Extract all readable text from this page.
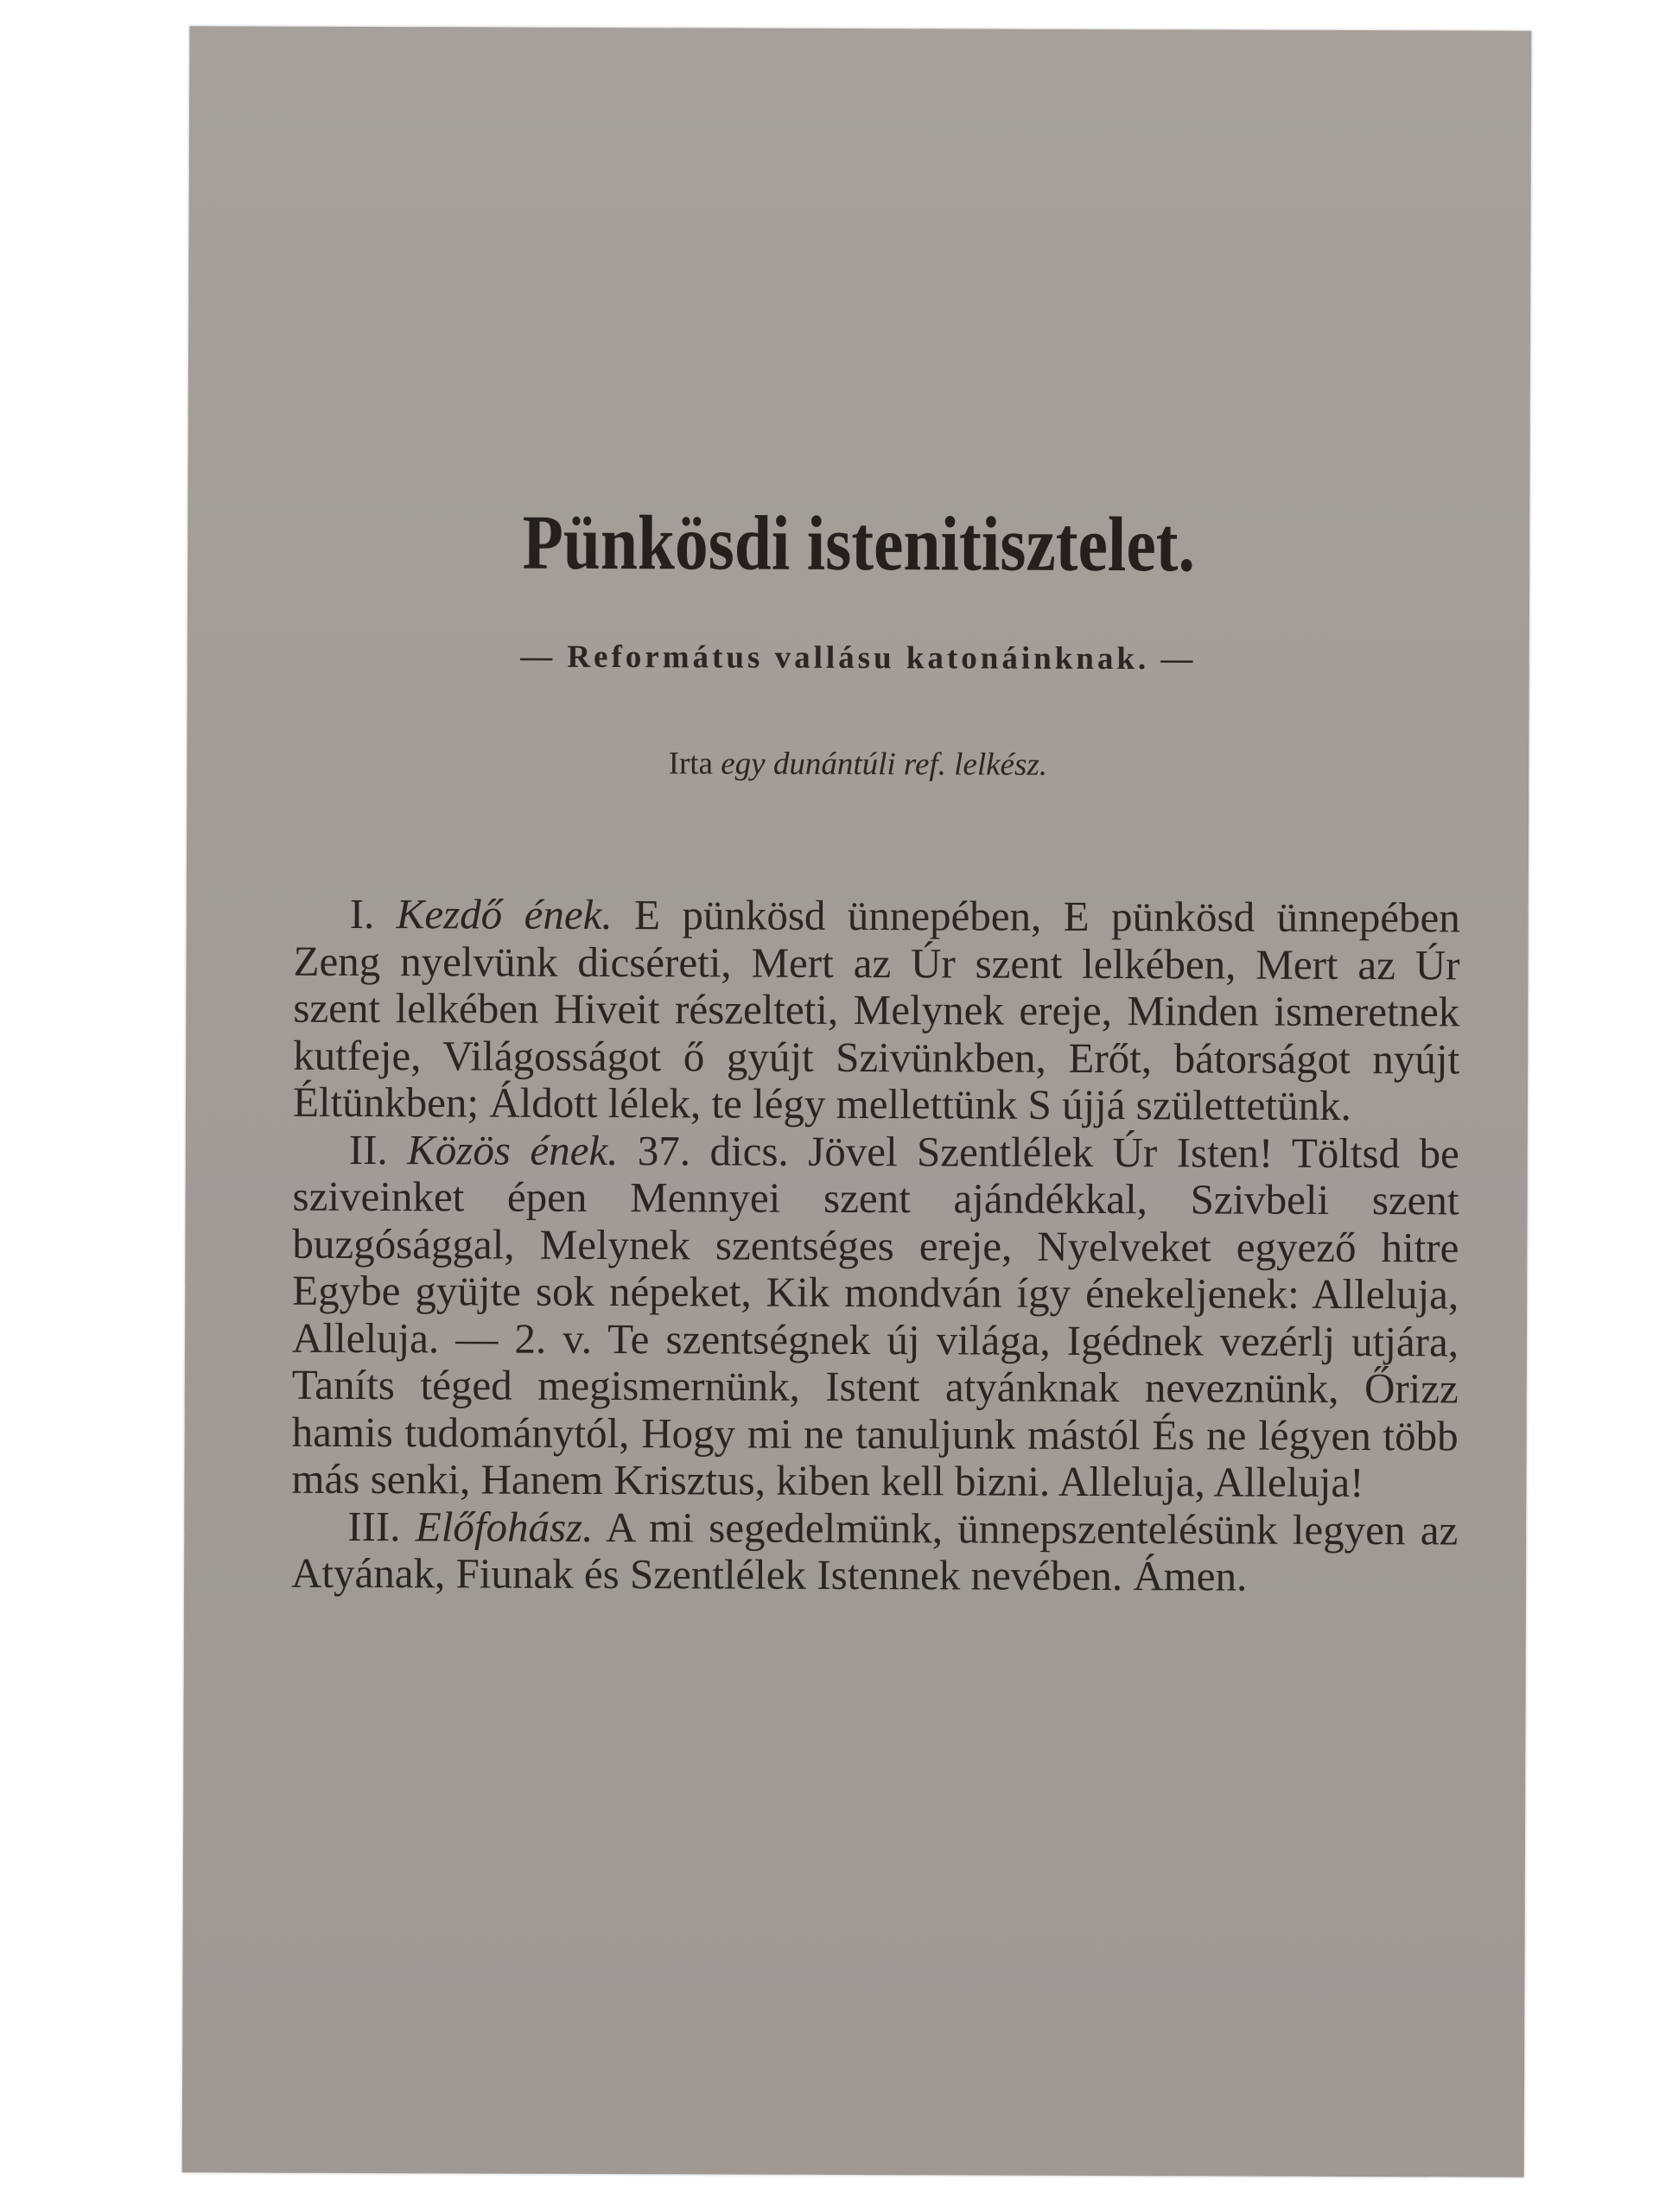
Pünkösdi istenitisztelet.
— Református vallásu katonáinknak. —
Irta egy dunántúli ref. lelkész.

I. Kezdő ének. E pünkösd ünnepében, E pünkösd ünnepében Zeng nyelvünk dicséreti, Mert az Úr szent lelkében, Mert az Úr szent lelkében Hiveit részelteti, Melynek ereje, Minden ismeretnek kutfeje, Világosságot ő gyújt Szivünkben, Erőt, bátorságot nyújt Éltünkben; Áldott lélek, te légy mellettünk S újjá születtetünk.

II. Közös ének. 37. dics. Jövel Szentlélek Úr Isten! Töltsd be sziveinket épen Mennyei szent ajándékkal, Szivbeli szent buzgósággal, Melynek szentséges ereje, Nyelveket egyező hitre Egybe gyüjte sok népeket, Kik mondván így énekeljenek: Alleluja, Alleluja. — 2. v. Te szentségnek új világa, Igédnek vezérlj utjára, Taníts téged megismernünk, Istent atyánknak neveznünk, Őrizz hamis tudománytól, Hogy mi ne tanuljunk mástól És ne légyen több más senki, Hanem Krisztus, kiben kell bizni. Alleluja, Alleluja!

III. Előfohász. A mi segedelmünk, ünnepszentelésünk legyen az Atyának, Fiunak és Szentlélek Istennek nevében. Ámen.
